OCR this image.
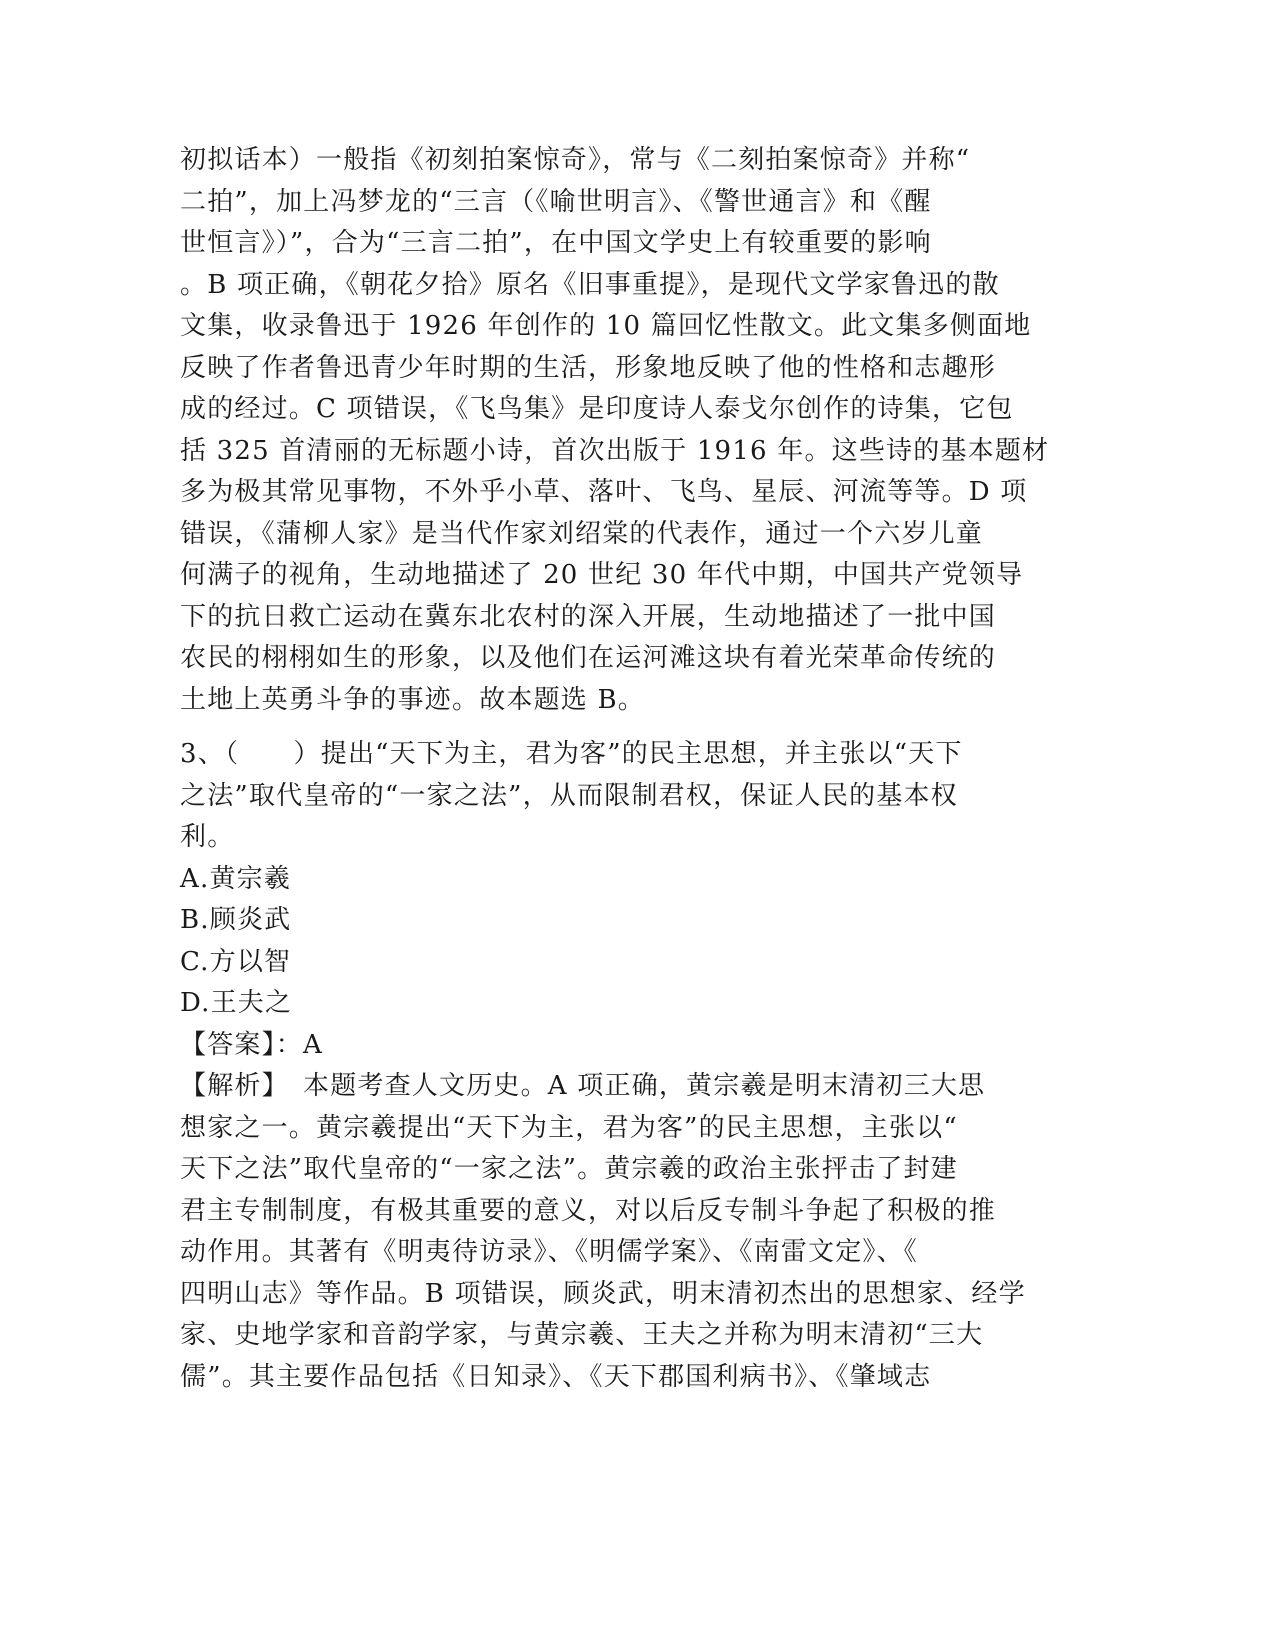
初拟话本）一般指《初刻拍案惊奇》，常与《二刻拍案惊奇》并称“
二拍”，加上冯梦龙的“三言（《喻世明言》、《警世通言》和《醒
世恒言》）”，合为“三言二拍”，在中国文学史上有较重要的影响
。B 项正确，《朝花夕拾》原名《旧事重提》，是现代文学家鲁迅的散
文集，收录鲁迅于 1926 年创作的 10 篇回忆性散文。此文集多侧面地
反映了作者鲁迅青少年时期的生活，形象地反映了他的性格和志趣形
成的经过。C 项错误，《飞鸟集》是印度诗人泰戈尔创作的诗集，它包
括 325 首清丽的无标题小诗，首次出版于 1916 年。这些诗的基本题材
多为极其常见事物，不外乎小草、落叶、飞鸟、星辰、河流等等。D 项
错误，《蒲柳人家》是当代作家刘绍棠的代表作，通过一个六岁儿童
何满子的视角，生动地描述了 20 世纪 30 年代中期，中国共产党领导
下的抗日救亡运动在冀东北农村的深入开展，生动地描述了一批中国
农民的栩栩如生的形象，以及他们在运河滩这块有着光荣革命传统的
土地上英勇斗争的事迹。故本题选 B。
3、（　　）提出“天下为主，君为客”的民主思想，并主张以“天下
之法”取代皇帝的“一家之法”，从而限制君权，保证人民的基本权
利。
A.黄宗羲
B.顾炎武
C.方以智
D.王夫之
【答案】：A
【解析】　本题考查人文历史。A 项正确，黄宗羲是明末清初三大思
想家之一。黄宗羲提出“天下为主，君为客”的民主思想，主张以“
天下之法”取代皇帝的“一家之法”。黄宗羲的政治主张抨击了封建
君主专制制度，有极其重要的意义，对以后反专制斗争起了积极的推
动作用。其著有《明夷待访录》、《明儒学案》、《南雷文定》、《
四明山志》等作品。B 项错误，顾炎武，明末清初杰出的思想家、经学
家、史地学家和音韵学家，与黄宗羲、王夫之并称为明末清初“三大
儒”。其主要作品包括《日知录》、《天下郡国利病书》、《肇域志
